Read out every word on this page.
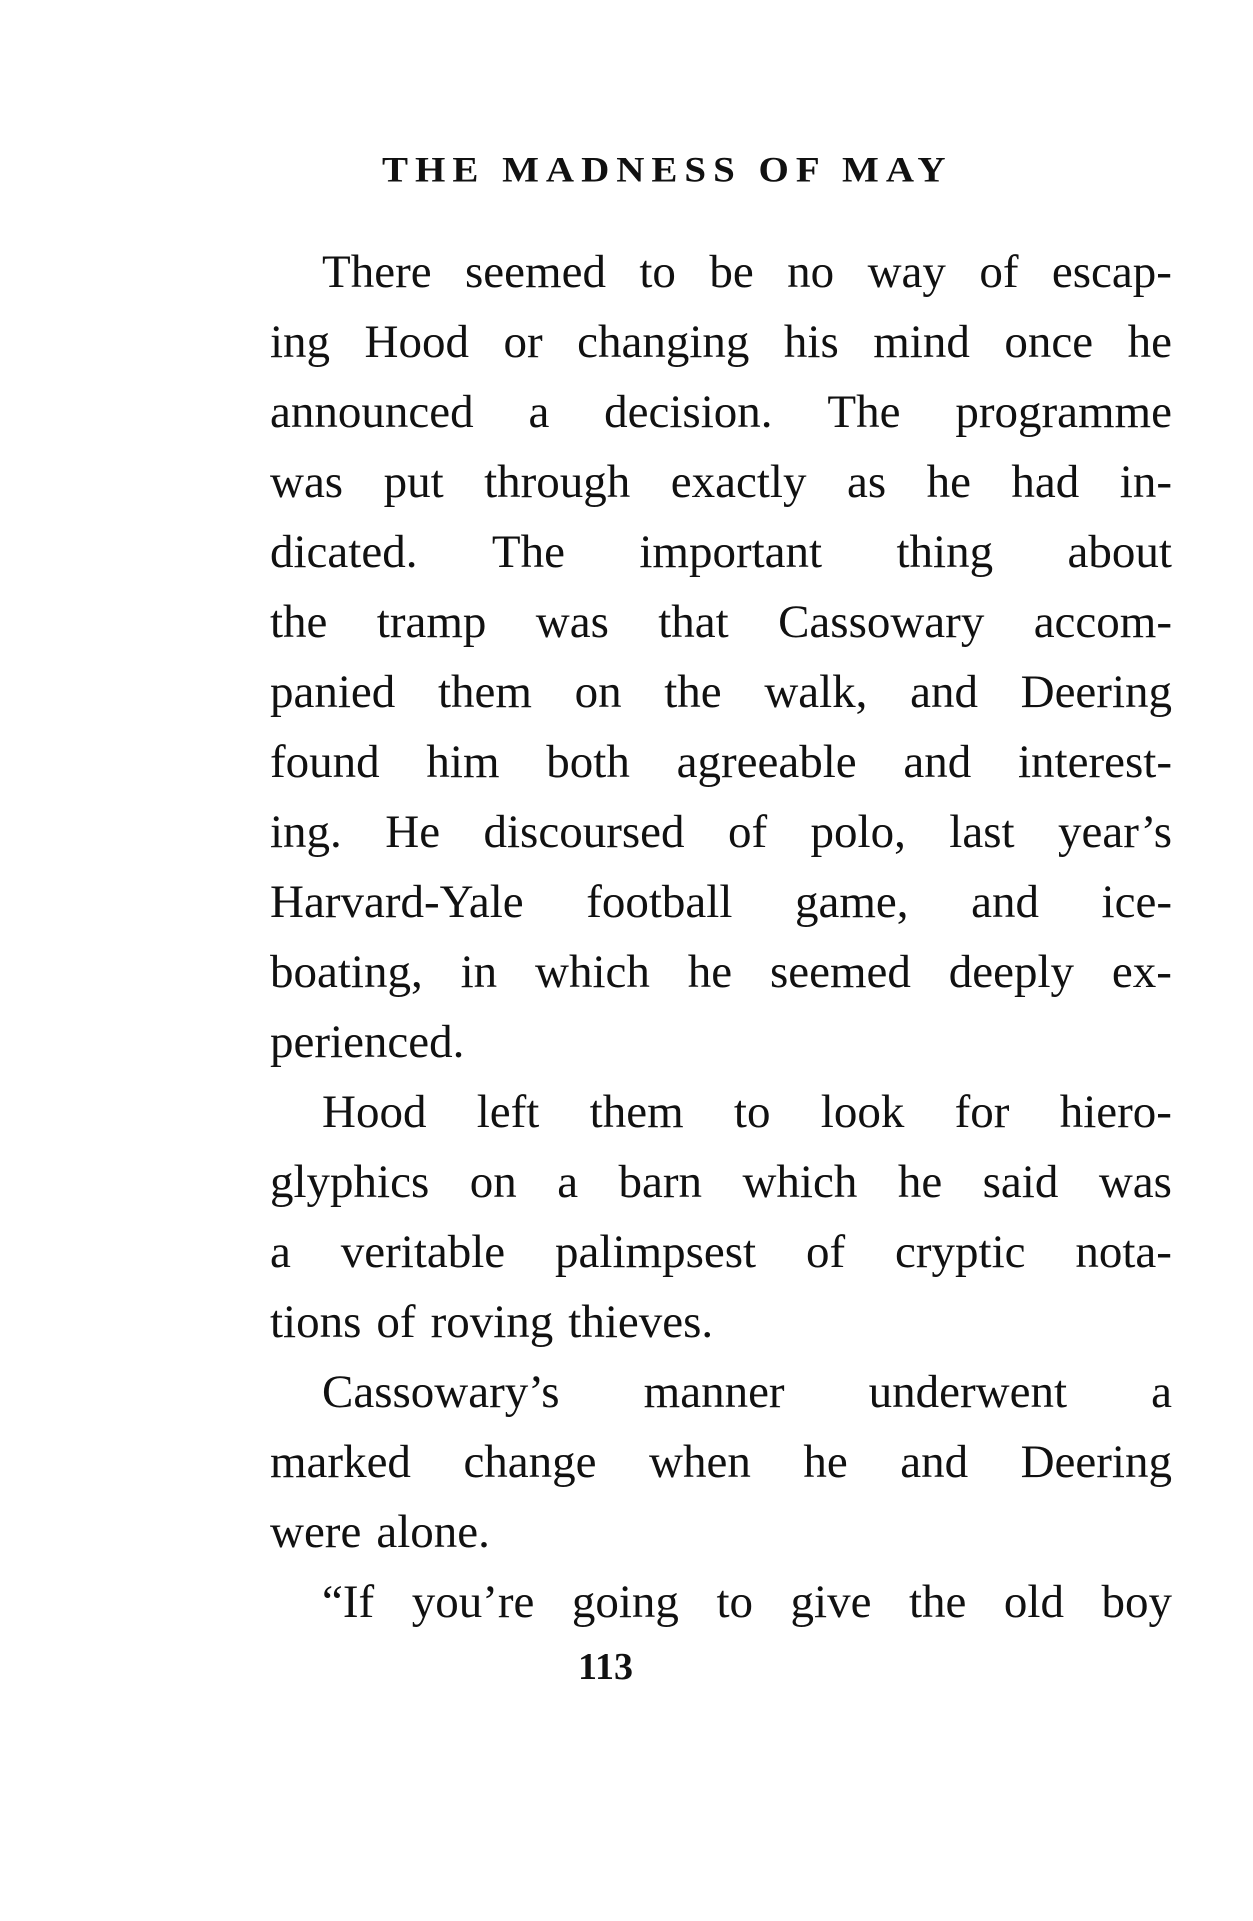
THE MADNESS OF MAY
There seemed to be no way of escap-
ing Hood or changing his mind once he
announced a decision. The programme
was put through exactly as he had in-
dicated. The important thing about
the tramp was that Cassowary accom-
panied them on the walk, and Deering
found him both agreeable and interest-
ing. He discoursed of polo, last year’s
Harvard-Yale football game, and ice-
boating, in which he seemed deeply ex-
perienced.
Hood left them to look for hiero-
glyphics on a barn which he said was
a veritable palimpsest of cryptic nota-
tions of roving thieves.
Cassowary’s manner underwent a
marked change when he and Deering
were alone.
“If you’re going to give the old boy
113
